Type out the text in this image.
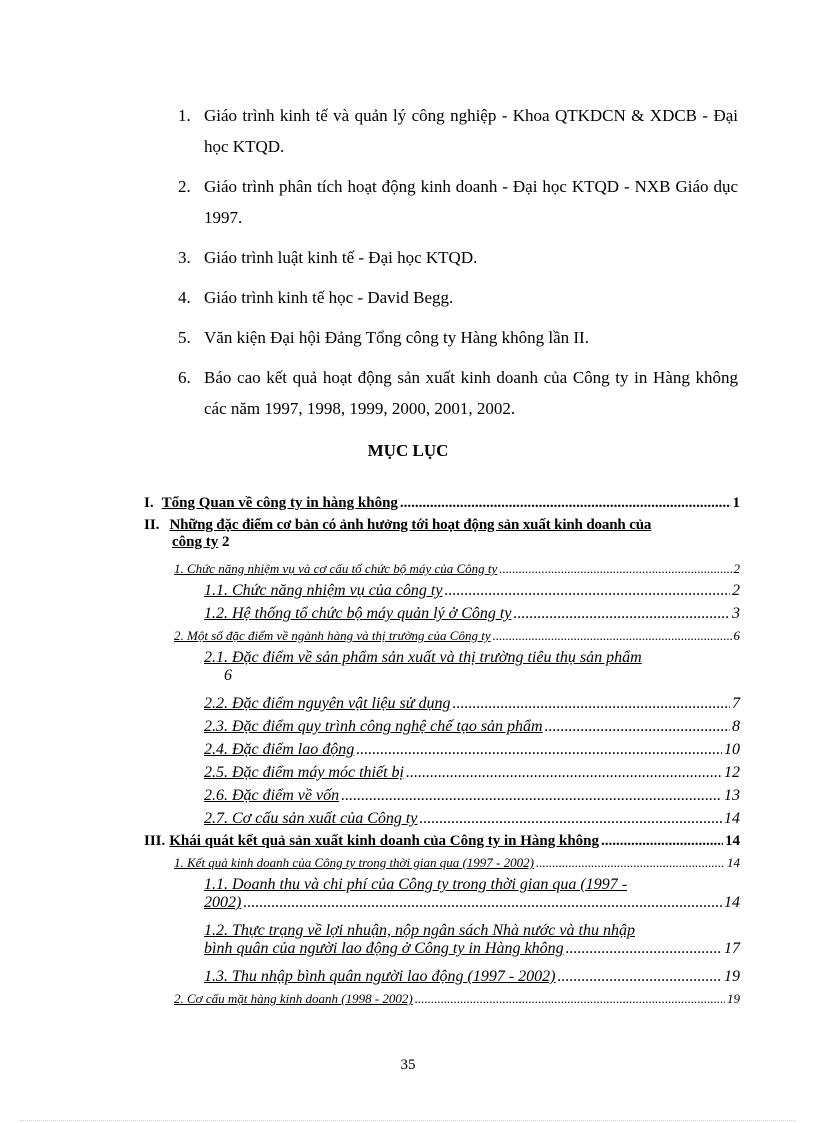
1. Giáo trình kinh tế và quản lý công nghiệp - Khoa QTKDCN & XDCB - Đại học KTQD.
2. Giáo trình phân tích hoạt động kinh doanh - Đại học KTQD - NXB Giáo dục 1997.
3. Giáo trình luật kinh tế - Đại học KTQD.
4. Giáo trình kinh tế học - David Begg.
5. Văn kiện Đại hội Đảng Tổng công ty Hàng không lần II.
6. Báo cao kết quả hoạt động sản xuất kinh doanh của Công ty in Hàng không các năm 1997, 1998, 1999, 2000, 2001, 2002.
MỤC LỤC
I. Tổng Quan về công ty in hàng không .....	1
II. Những đặc điểm cơ bản có ảnh hưởng tới hoạt động sản xuất kinh doanh của
công ty 2
1. Chức năng nhiệm vụ và cơ cấu tổ chức bộ máy của Công ty .....	2
1.1. Chức năng nhiệm vụ của công ty .....	2
1.2. Hệ thống tổ chức bộ máy quản lý ở Công ty .....	3
2. Một số đặc điểm về ngành hàng và thị trường của Công ty .....	6
2.1. Đặc điểm về sản phẩm sản xuất và thị trường tiêu thụ sản phẩm
6
2.2. Đặc điểm nguyên vật liệu sử dụng .....	7
2.3. Đặc điểm quy trình công nghệ chế tạo sản phẩm .....	8
2.4. Đặc điểm lao động .....	10
2.5. Đặc điểm máy móc thiết bị .....	12
2.6. Đặc điểm về vốn .....	13
2.7. Cơ cấu sản xuất của Công ty .....	14
III. Khái quát kết quả sản xuất kinh doanh của Công ty in Hàng không .....	14
1. Kết quả kinh doanh của Công ty trong thời gian qua (1997 - 2002) .....	14
1.1. Doanh thu và chi phí của Công ty trong thời gian qua (1997 -
2002) .....	14
1.2. Thực trạng về lợi nhuận, nộp ngân sách Nhà nước và thu nhập
bình quân của người lao động ở Công ty in Hàng không .....	17
1.3. Thu nhập bình quân người lao động (1997 - 2002) .....	19
2. Cơ cấu mặt hàng kinh doanh (1998 - 2002) .....	19
35
